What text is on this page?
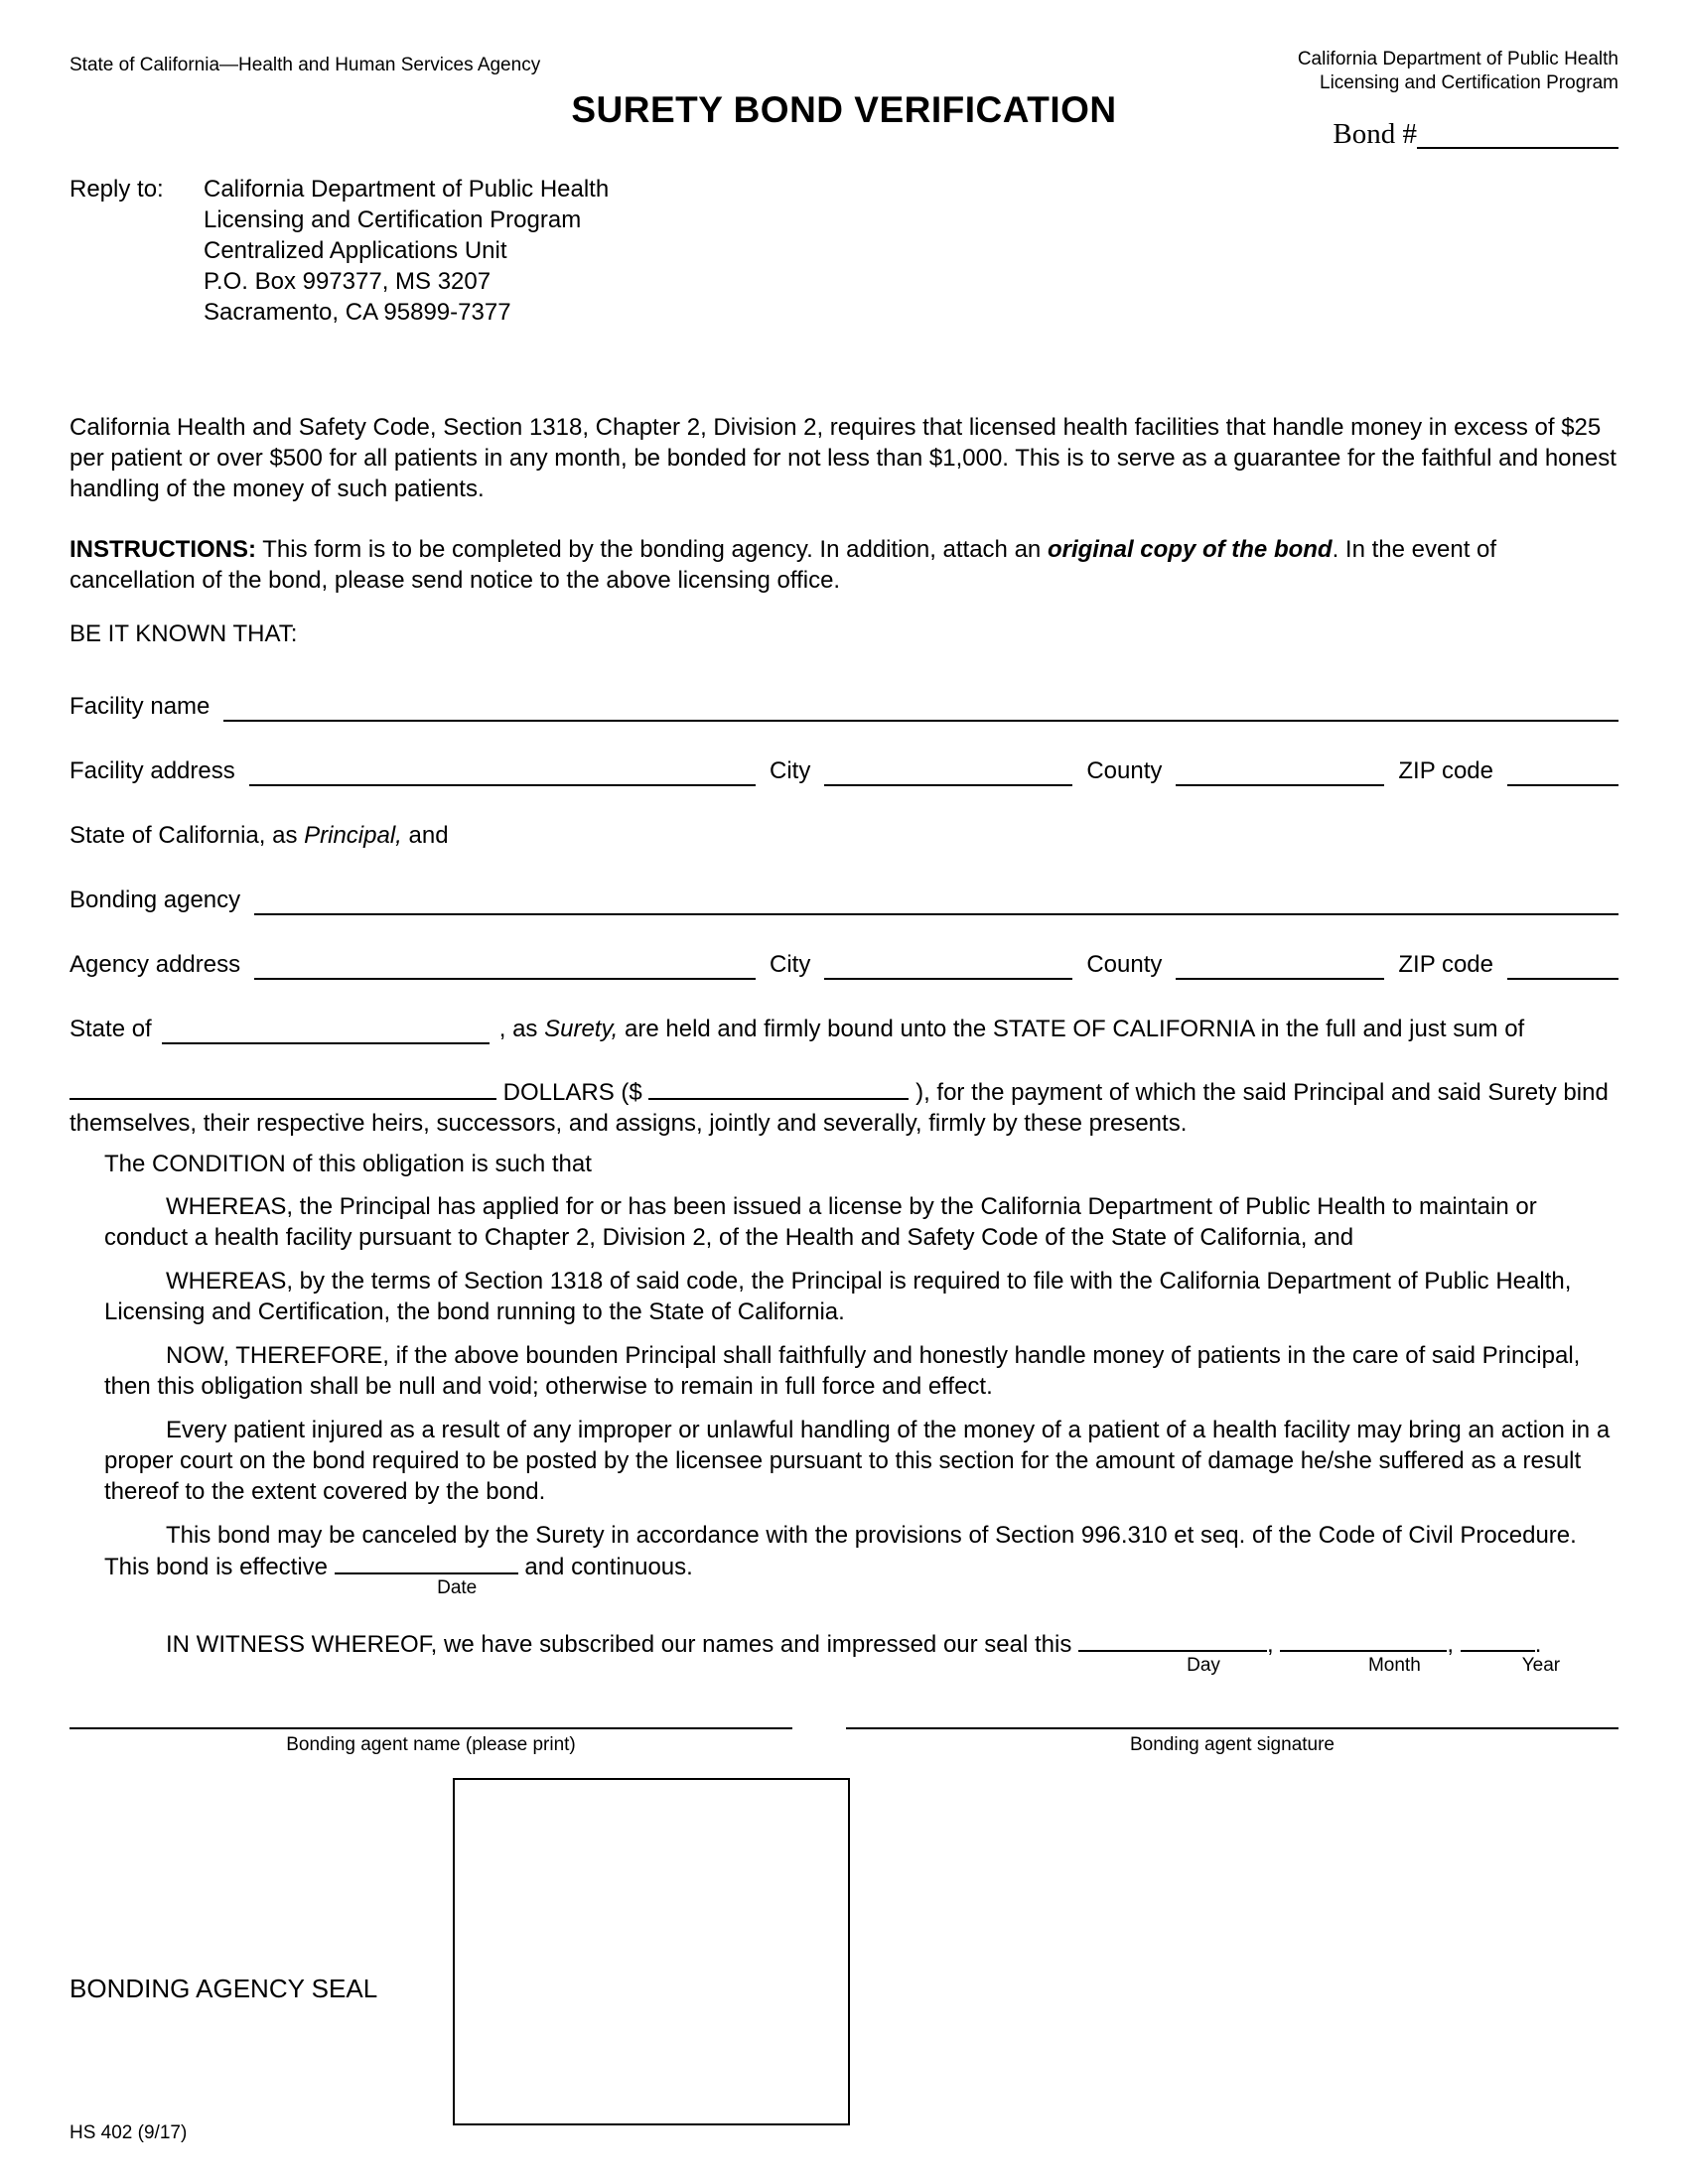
State of California—Health and Human Services Agency	California Department of Public Health
Licensing and Certification Program
SURETY BOND VERIFICATION
Bond #
Reply to:	California Department of Public Health
Licensing and Certification Program
Centralized Applications Unit
P.O. Box 997377, MS 3207
Sacramento, CA 95899-7377

California Health and Safety Code, Section 1318, Chapter 2, Division 2, requires that licensed health facilities that handle money in excess of $25 per patient or over $500 for all patients in any month, be bonded for not less than $1,000. This is to serve as a guarantee for the faithful and honest handling of the money of such patients.

INSTRUCTIONS: This form is to be completed by the bonding agency. In addition, attach an original copy of the bond. In the event of cancellation of the bond, please send notice to the above licensing office.

BE IT KNOWN THAT:

Facility name
Facility address	City	County	ZIP code
State of California, as Principal, and
Bonding agency
Agency address	City	County	ZIP code
State of	, as Surety, are held and firmly bound unto the STATE OF CALIFORNIA in the full and just sum of

DOLLARS ($	), for the payment of which the said Principal and said Surety bind themselves, their respective heirs, successors, and assigns, jointly and severally, firmly by these presents.

The CONDITION of this obligation is such that

WHEREAS, the Principal has applied for or has been issued a license by the California Department of Public Health to maintain or conduct a health facility pursuant to Chapter 2, Division 2, of the Health and Safety Code of the State of California, and

WHEREAS, by the terms of Section 1318 of said code, the Principal is required to file with the California Department of Public Health, Licensing and Certification, the bond running to the State of California.

NOW, THEREFORE, if the above bounden Principal shall faithfully and honestly handle money of patients in the care of said Principal, then this obligation shall be null and void; otherwise to remain in full force and effect.

Every patient injured as a result of any improper or unlawful handling of the money of a patient of a health facility may bring an action in a proper court on the bond required to be posted by the licensee pursuant to this section for the amount of damage he/she suffered as a result thereof to the extent covered by the bond.

This bond may be canceled by the Surety in accordance with the provisions of Section 996.310 et seq. of the Code of Civil Procedure. This bond is effective
Date
and continuous.

IN WITNESS WHEREOF, we have subscribed our names and impressed our seal this
Day
,
Month
,
Year
.

Bonding agent name (please print)	Bonding agent signature
BONDING AGENCY SEAL
HS 402 (9/17)
